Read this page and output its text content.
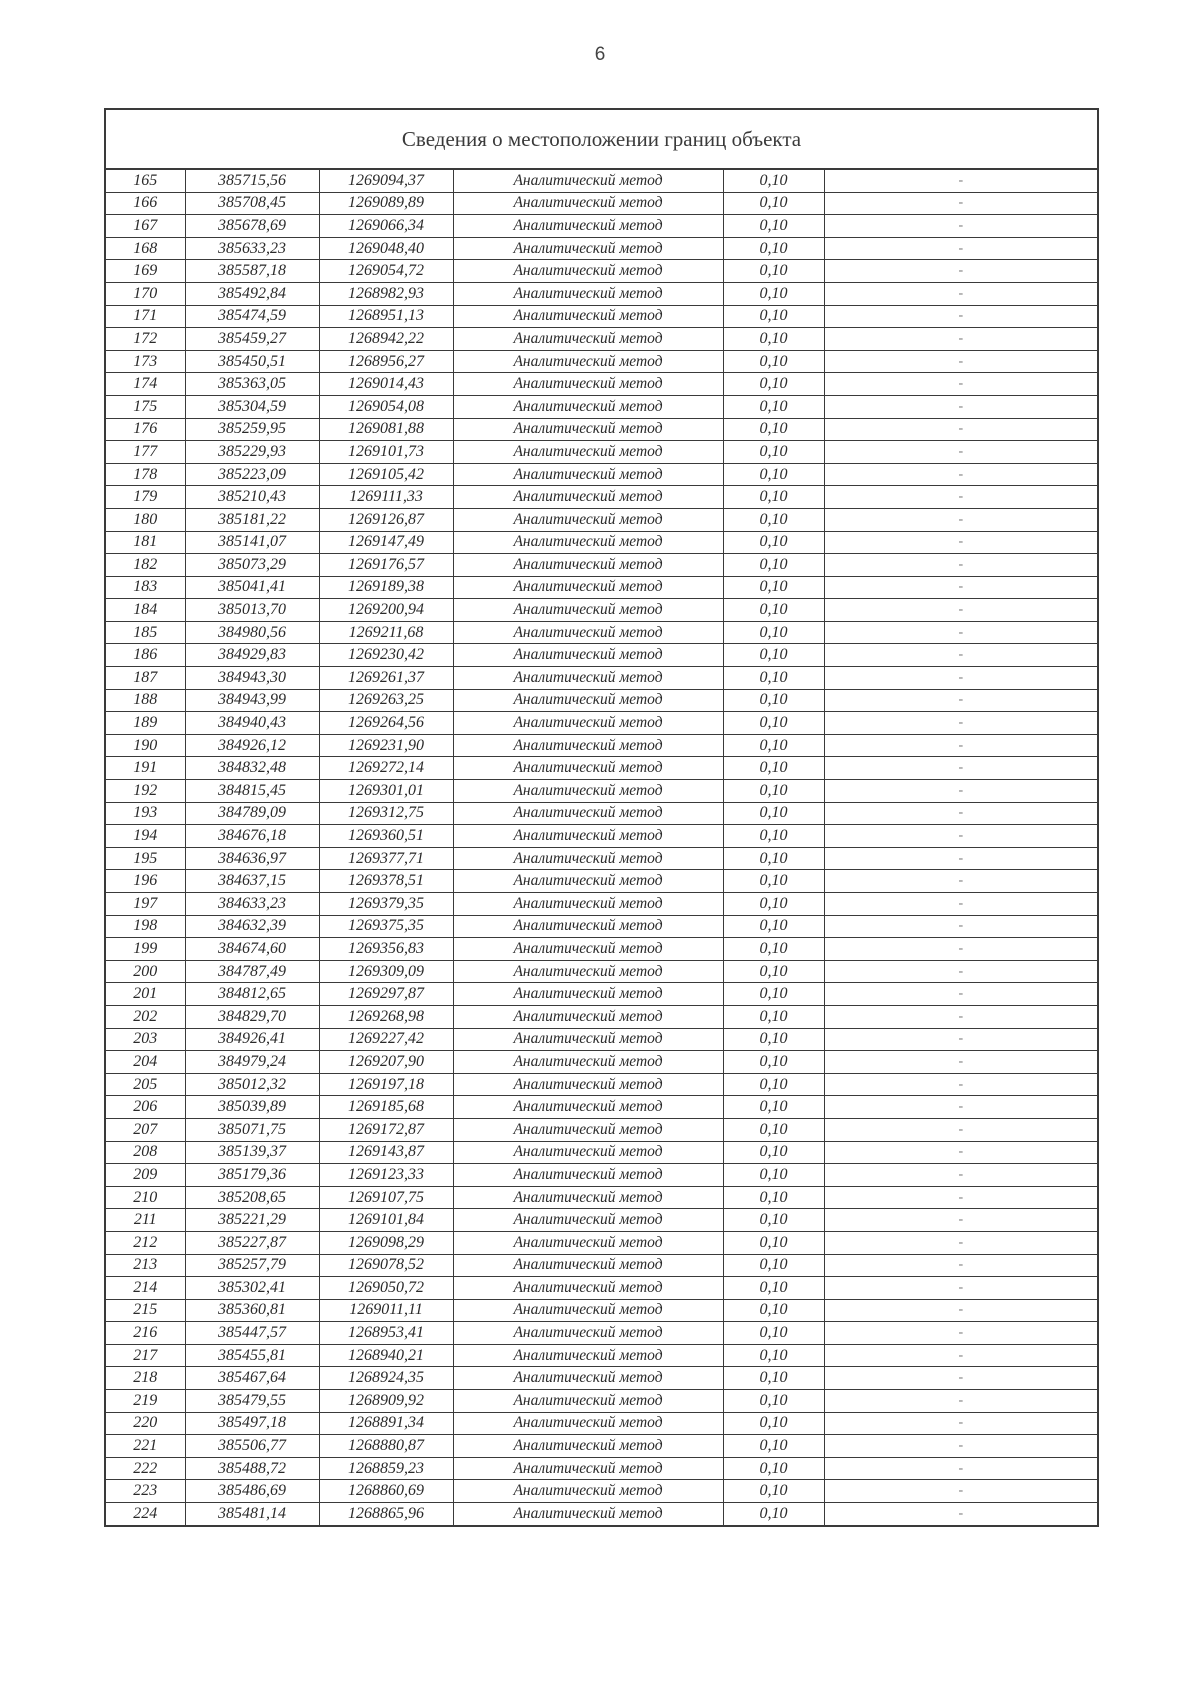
6
Сведения о местоположении границ объекта					
165	385715,56	1269094,37	Аналитический метод	0,10	-
166	385708,45	1269089,89	Аналитический метод	0,10	-
167	385678,69	1269066,34	Аналитический метод	0,10	-
168	385633,23	1269048,40	Аналитический метод	0,10	-
169	385587,18	1269054,72	Аналитический метод	0,10	-
170	385492,84	1268982,93	Аналитический метод	0,10	-
171	385474,59	1268951,13	Аналитический метод	0,10	-
172	385459,27	1268942,22	Аналитический метод	0,10	-
173	385450,51	1268956,27	Аналитический метод	0,10	-
174	385363,05	1269014,43	Аналитический метод	0,10	-
175	385304,59	1269054,08	Аналитический метод	0,10	-
176	385259,95	1269081,88	Аналитический метод	0,10	-
177	385229,93	1269101,73	Аналитический метод	0,10	-
178	385223,09	1269105,42	Аналитический метод	0,10	-
179	385210,43	1269111,33	Аналитический метод	0,10	-
180	385181,22	1269126,87	Аналитический метод	0,10	-
181	385141,07	1269147,49	Аналитический метод	0,10	-
182	385073,29	1269176,57	Аналитический метод	0,10	-
183	385041,41	1269189,38	Аналитический метод	0,10	-
184	385013,70	1269200,94	Аналитический метод	0,10	-
185	384980,56	1269211,68	Аналитический метод	0,10	-
186	384929,83	1269230,42	Аналитический метод	0,10	-
187	384943,30	1269261,37	Аналитический метод	0,10	-
188	384943,99	1269263,25	Аналитический метод	0,10	-
189	384940,43	1269264,56	Аналитический метод	0,10	-
190	384926,12	1269231,90	Аналитический метод	0,10	-
191	384832,48	1269272,14	Аналитический метод	0,10	-
192	384815,45	1269301,01	Аналитический метод	0,10	-
193	384789,09	1269312,75	Аналитический метод	0,10	-
194	384676,18	1269360,51	Аналитический метод	0,10	-
195	384636,97	1269377,71	Аналитический метод	0,10	-
196	384637,15	1269378,51	Аналитический метод	0,10	-
197	384633,23	1269379,35	Аналитический метод	0,10	-
198	384632,39	1269375,35	Аналитический метод	0,10	-
199	384674,60	1269356,83	Аналитический метод	0,10	-
200	384787,49	1269309,09	Аналитический метод	0,10	-
201	384812,65	1269297,87	Аналитический метод	0,10	-
202	384829,70	1269268,98	Аналитический метод	0,10	-
203	384926,41	1269227,42	Аналитический метод	0,10	-
204	384979,24	1269207,90	Аналитический метод	0,10	-
205	385012,32	1269197,18	Аналитический метод	0,10	-
206	385039,89	1269185,68	Аналитический метод	0,10	-
207	385071,75	1269172,87	Аналитический метод	0,10	-
208	385139,37	1269143,87	Аналитический метод	0,10	-
209	385179,36	1269123,33	Аналитический метод	0,10	-
210	385208,65	1269107,75	Аналитический метод	0,10	-
211	385221,29	1269101,84	Аналитический метод	0,10	-
212	385227,87	1269098,29	Аналитический метод	0,10	-
213	385257,79	1269078,52	Аналитический метод	0,10	-
214	385302,41	1269050,72	Аналитический метод	0,10	-
215	385360,81	1269011,11	Аналитический метод	0,10	-
216	385447,57	1268953,41	Аналитический метод	0,10	-
217	385455,81	1268940,21	Аналитический метод	0,10	-
218	385467,64	1268924,35	Аналитический метод	0,10	-
219	385479,55	1268909,92	Аналитический метод	0,10	-
220	385497,18	1268891,34	Аналитический метод	0,10	-
221	385506,77	1268880,87	Аналитический метод	0,10	-
222	385488,72	1268859,23	Аналитический метод	0,10	-
223	385486,69	1268860,69	Аналитический метод	0,10	-
224	385481,14	1268865,96	Аналитический метод	0,10	-
